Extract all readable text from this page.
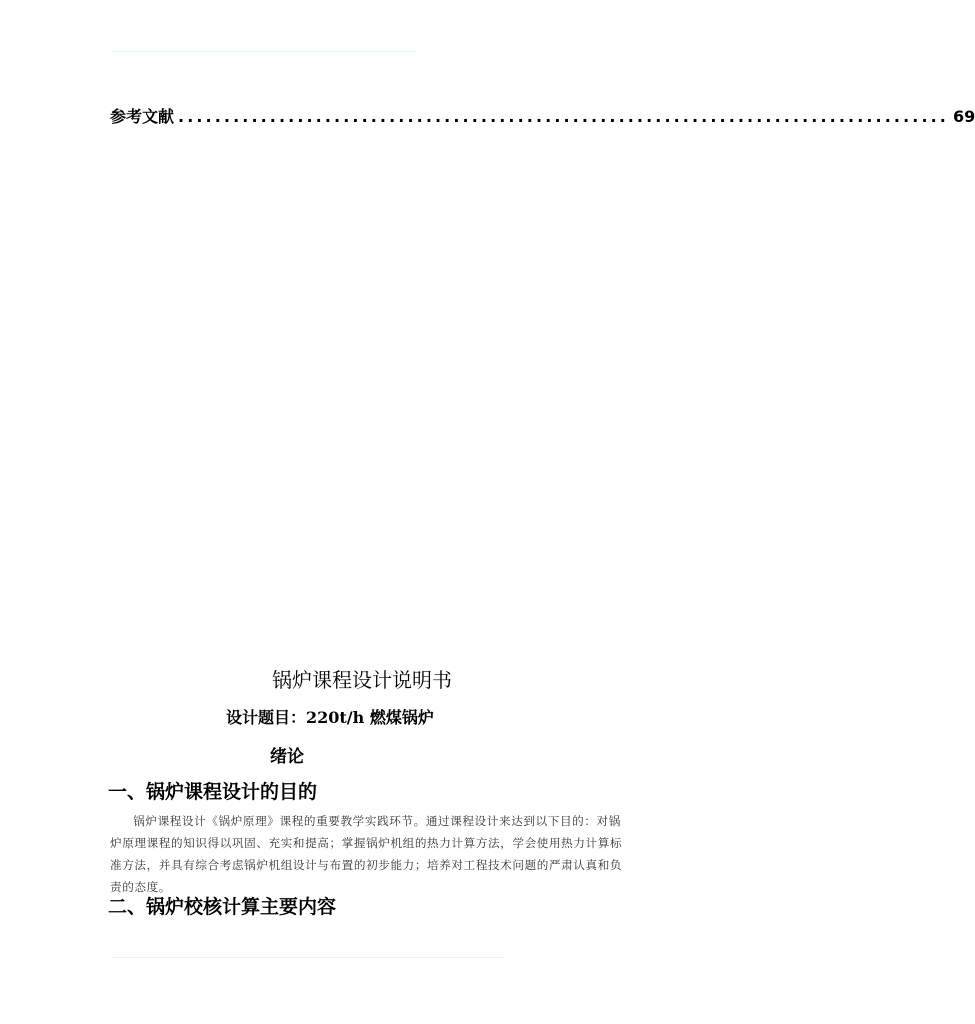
参考文献 .................................................................................... 69
锅炉课程设计说明书
设计题目：220t/h 燃煤锅炉
绪论
一、锅炉课程设计的目的

锅炉课程设计《锅炉原理》课程的重要教学实践环节。通过课程设计来达到以下目的：对锅炉原理课程的知识得以巩固、充实和提高；掌握锅炉机组的热力计算方法，学会使用热力计算标准方法，并具有综合考虑锅炉机组设计与布置的初步能力；培养对工程技术问题的严肃认真和负责的态度。

二、锅炉校核计算主要内容
